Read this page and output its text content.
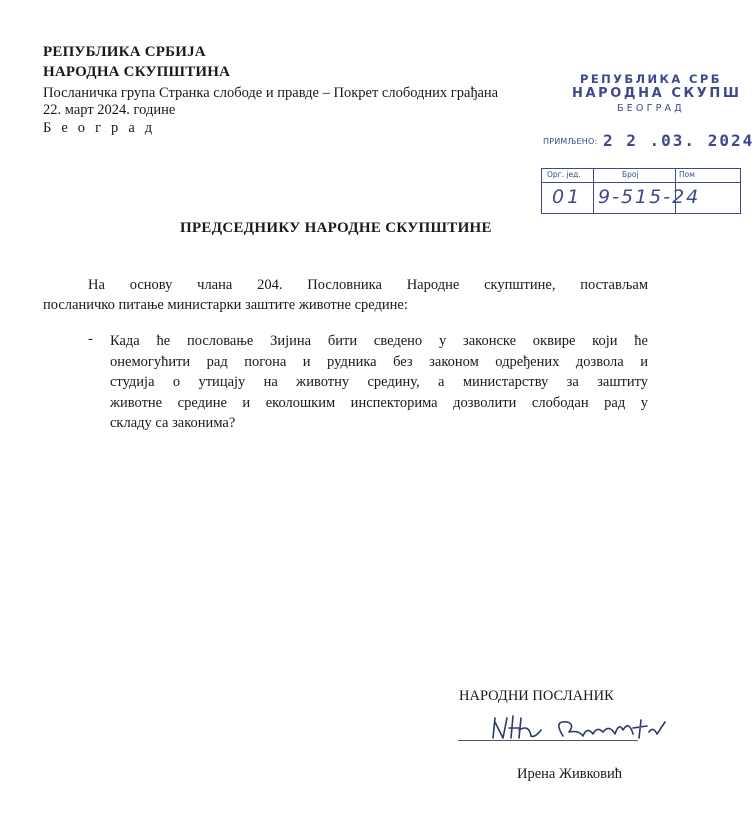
РЕПУБЛИКА СРБИЈА
НАРОДНА СКУПШТИНА
Посланичка група Странка слободе и правде – Покрет слободних грађана
22. март 2024. године
Б е о г р а д
РЕПУБЛИКА СРБ
НАРОДНА СКУПШ
БЕОГРАД
ПРИМЉЕНО: 2 2 .03. 2024
Орг. јед.	Број	Пом
01 9-515-24
ПРЕДСЕДНИКУ НАРОДНЕ СКУПШТИНЕ
На основу члана 204. Пословника Народне скупштине, постављам
посланичко питање министарки заштите животне средине:
- Када ће пословање Зијина бити сведено у законске оквире који ће
онемогућити рад погона и рудника без законом одређених дозвола и
студија о утицају на животну средину, а министарству за заштиту
животне средине и еколошким инспекторима дозволити слободан рад у
складу са законима?
НАРОДНИ ПОСЛАНИК
Ирена Живковић
